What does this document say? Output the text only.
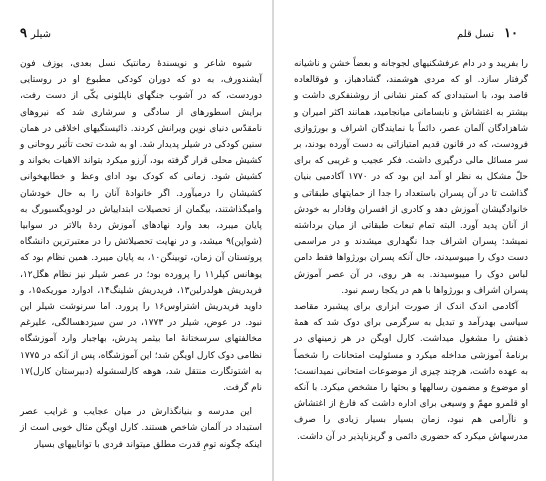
شیلر ۹

شیوه شاعر و نویسندهٔ رمانتیک نسل بعدی، یوزف فون آیشندورف، به دو که دوران کودکی مطبوع او در روستایی دوردست، که در آشوب جنگهای ناپلئونی یکّی از دست رفت، برایش اسطورهای از سادگی و سرشاری شد که نیروهای نامقدّس دنیای نوین ویرانش کردند. ذائیستگیهای اخلاقی در همان سنین کودکی در شیلر پدیدار شد. او به شدت تحت تأثیر روحانی و کشیش محلی قرار گرفته بود، آرزو میکرد بتواند الاهیات بخواند و کشیش شود. زمانی که کودک بود ادای وعظ و خطابهخوانی کشیشان را درمیآورد. اگر خانوادهٔ آنان را به حال خودشان وامیگذاشتند، بیگمان از تحصیلات ابتداییاش در لودویگسبورگ به پایان میبرد، بعد وارد نهادهای آموزش ردهٔ بالاتر در سوابیا (شواپن)۹ میشد، و در نهایت تحصیلاتش را در معتبرترین دانشگاه پروتستان آن زمان، توبینگن۱۰، به پایان میبرد. همین نظام بود که یوهانس کپلر۱۱ را پرورده بود؛ در عصر شیلر نیز نظام هگل۱۲، فریدریش هولدرلین۱۳، فریدریش شلینگ۱۴، ادوارد موریکه۱۵، و داوید فریدریش اشتراوس۱۶ را پرورد. اما سرنوشت شیلر این نبود. در عوض، شیلر در ۱۷۷۳، در سن سیزدهسالگی، علیرغم مخالفتهای سرسختانهٔ اما بیثمر پدرش، بهاجبار وارد آموزشگاه نظامی دوک کارل اویگن شد؛ این آموزشگاه، پس از آنکه در ۱۷۷۵ به اشتوتگارت منتقل شد، هوهه کارلسشوله (دبیرستان کارل)۱۷ نام گرفت.

این مدرسه و بنیانگذارش در میان عجایب و غرایب عصر استبداد در آلمان شاخص هستند. کارل اویگن مثال خوبی است از اینکه چگونه تومِ قدرت مطلق میتواند فردی با تواناییهای بسیار

۱۰ نسل قلم

را بفریبد و در دام عرفشکنیهای لجوجانه و بعضاً خشن و ناشیانه گرفتار سازد. او که مردی هوشمند، گشادهباز، و فوقالعاده قاصد بود، با استبدادی که کمتر نشانی از روشنفکری داشت و بیشتر به اغتشاش و نابسامانی میانجامید، همانند اکثر امیران و شاهزادگان آلمان عصر، دائماً با نمایندگان اشراف و بورژوازی فرودست، که در قانون قدیم امتیازاتی به دست آورده بودند، بر سر مسائل مالی درگیری داشت. فکر عجیب و غریبی که برای حلّ مشکل به نظر او آمد این بود که در ۱۷۷۰ آکادمیی بنیان گذاشت تا در آن پسران باستعداد را جدا از حمایتهای طبقاتی و خانوادگیشان آموزش دهد و کادری از افسران وفادار به خودش از آنان پدید آورد. البته تمام تبعات طبقاتی از میان برداشته نمیشد: پسران اشراف جدا نگهداری میشدند و در مراسمی دست دوک را میبوسیدند، حال آنکه پسران بورژوا‌ها فقط دامن لباس دوک را میبوسیدند. به هر روی، در آن عصر آموزش پسران اشراف و بورژواها با هم در یکجا رسم نبود.

آکادمی اندک اندک از صورت ابزاری برای پیشبرد مقاصد سیاسی بهدرآمد و تبدیل به سرگرمی برای دوک شد که همهٔ ذهنش را مشغول میداشت. کارل اویگن در هر زمینهای در برنامهٔ آموزشی مداخله میکرد و مسئولیت امتحانات را شخصاً به عهده داشت، هرچند چیزی از موضوعات امتحانی نمیدانست؛ او موضوع و مضمون رسالهها و بحثها را مشخص میکرد. با آنکه او قلمرو مهمّ و وسیعی برای اداره داشت که فارغ از اغتشاش و ناآرامی هم نبود، زمان بسیار بسیار زیادی را صرف مدرسهاش میکرد که حضوری دائمی و گریزناپذیر در آن داشت.
